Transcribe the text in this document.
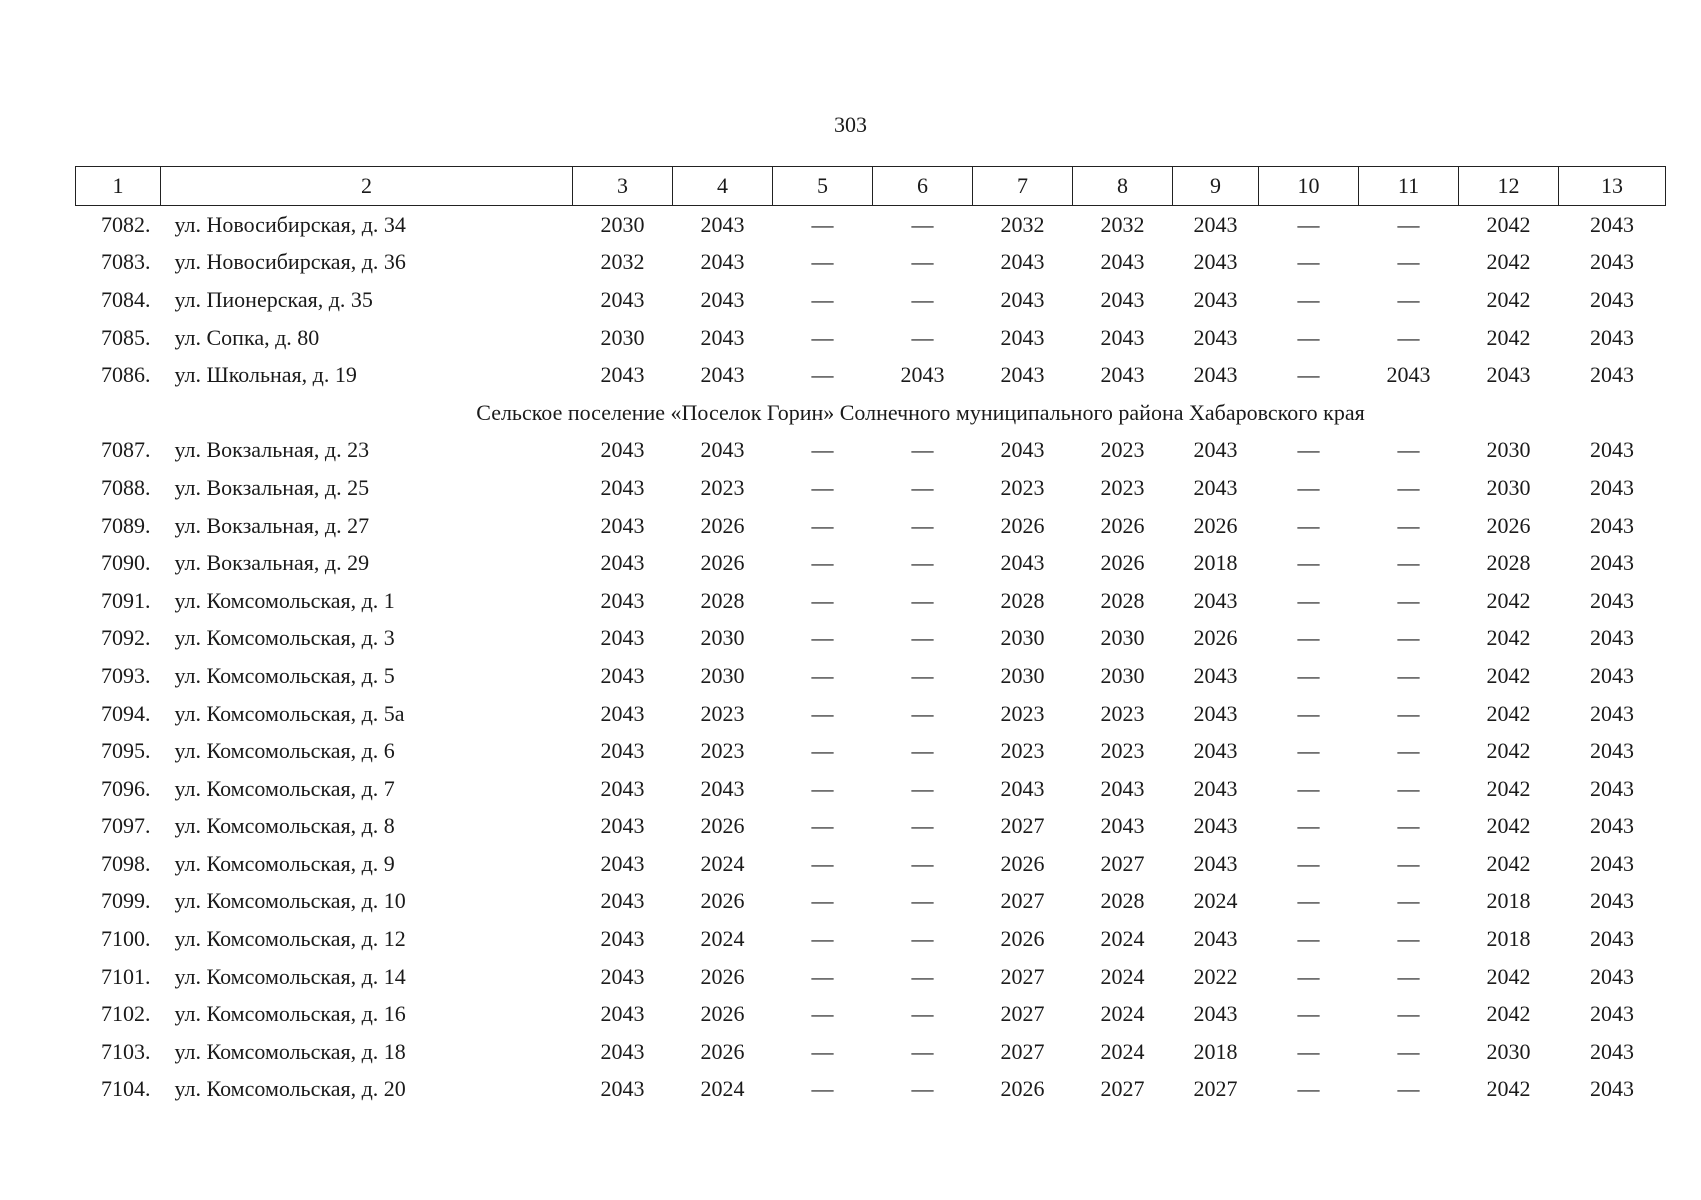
303
1	2	3	4	5	6	7	8	9	10	11	12	13
7082.	ул. Новосибирская, д. 34	2030	2043	—	—	2032	2032	2043	—	—	2042	2043
7083.	ул. Новосибирская, д. 36	2032	2043	—	—	2043	2043	2043	—	—	2042	2043
7084.	ул. Пионерская, д. 35	2043	2043	—	—	2043	2043	2043	—	—	2042	2043
7085.	ул. Сопка, д. 80	2030	2043	—	—	2043	2043	2043	—	—	2042	2043
7086.	ул. Школьная, д. 19	2043	2043	—	2043	2043	2043	2043	—	2043	2043	2043
Сельское поселение «Поселок Горин» Солнечного муниципального района Хабаровского края												
7087.	ул. Вокзальная, д. 23	2043	2043	—	—	2043	2023	2043	—	—	2030	2043
7088.	ул. Вокзальная, д. 25	2043	2023	—	—	2023	2023	2043	—	—	2030	2043
7089.	ул. Вокзальная, д. 27	2043	2026	—	—	2026	2026	2026	—	—	2026	2043
7090.	ул. Вокзальная, д. 29	2043	2026	—	—	2043	2026	2018	—	—	2028	2043
7091.	ул. Комсомольская, д. 1	2043	2028	—	—	2028	2028	2043	—	—	2042	2043
7092.	ул. Комсомольская, д. 3	2043	2030	—	—	2030	2030	2026	—	—	2042	2043
7093.	ул. Комсомольская, д. 5	2043	2030	—	—	2030	2030	2043	—	—	2042	2043
7094.	ул. Комсомольская, д. 5а	2043	2023	—	—	2023	2023	2043	—	—	2042	2043
7095.	ул. Комсомольская, д. 6	2043	2023	—	—	2023	2023	2043	—	—	2042	2043
7096.	ул. Комсомольская, д. 7	2043	2043	—	—	2043	2043	2043	—	—	2042	2043
7097.	ул. Комсомольская, д. 8	2043	2026	—	—	2027	2043	2043	—	—	2042	2043
7098.	ул. Комсомольская, д. 9	2043	2024	—	—	2026	2027	2043	—	—	2042	2043
7099.	ул. Комсомольская, д. 10	2043	2026	—	—	2027	2028	2024	—	—	2018	2043
7100.	ул. Комсомольская, д. 12	2043	2024	—	—	2026	2024	2043	—	—	2018	2043
7101.	ул. Комсомольская, д. 14	2043	2026	—	—	2027	2024	2022	—	—	2042	2043
7102.	ул. Комсомольская, д. 16	2043	2026	—	—	2027	2024	2043	—	—	2042	2043
7103.	ул. Комсомольская, д. 18	2043	2026	—	—	2027	2024	2018	—	—	2030	2043
7104.	ул. Комсомольская, д. 20	2043	2024	—	—	2026	2027	2027	—	—	2042	2043
